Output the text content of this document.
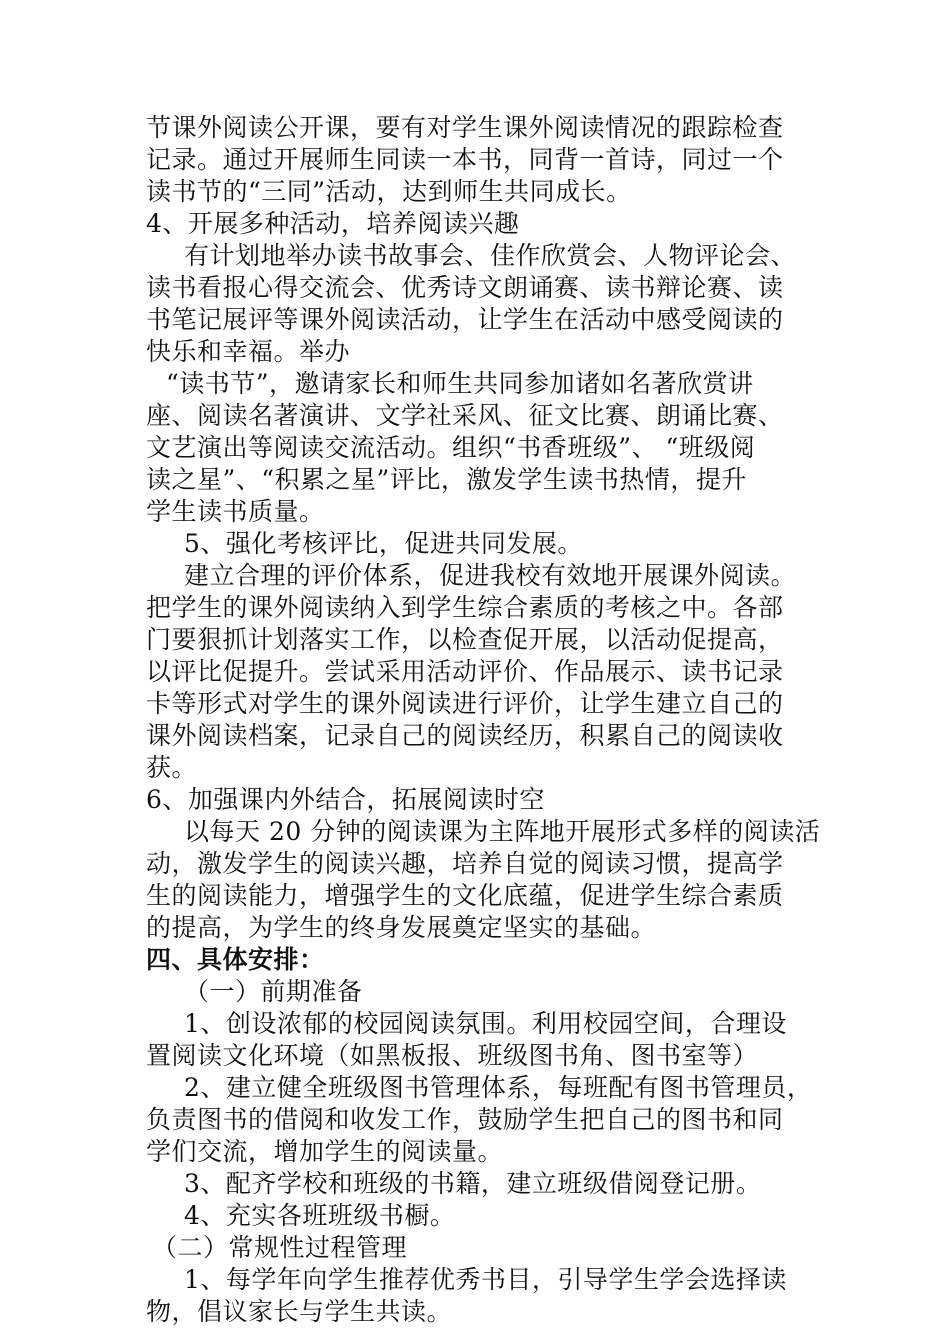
节课外阅读公开课，要有对学生课外阅读情况的跟踪检查

记录。通过开展师生同读一本书，同背一首诗，同过一个

读书节的“三同”活动，达到师生共同成长。

4、开展多种活动，培养阅读兴趣

有计划地举办读书故事会、佳作欣赏会、人物评论会、

读书看报心得交流会、优秀诗文朗诵赛、读书辩论赛、读

书笔记展评等课外阅读活动，让学生在活动中感受阅读的

快乐和幸福。举办

“读书节”，邀请家长和师生共同参加诸如名著欣赏讲

座、阅读名著演讲、文学社采风、征文比赛、朗诵比赛、

文艺演出等阅读交流活动。组织“书香班级”、 “班级阅

读之星”、“积累之星”评比，激发学生读书热情，提升

学生读书质量。

5、强化考核评比，促进共同发展。

建立合理的评价体系，促进我校有效地开展课外阅读。

把学生的课外阅读纳入到学生综合素质的考核之中。各部

门要狠抓计划落实工作，以检查促开展，以活动促提高，

以评比促提升。尝试采用活动评价、作品展示、读书记录

卡等形式对学生的课外阅读进行评价，让学生建立自己的

课外阅读档案，记录自己的阅读经历，积累自己的阅读收

获。

6、加强课内外结合，拓展阅读时空

以每天 20 分钟的阅读课为主阵地开展形式多样的阅读活

动，激发学生的阅读兴趣，培养自觉的阅读习惯，提高学

生的阅读能力，增强学生的文化底蕴，促进学生综合素质

的提高，为学生的终身发展奠定坚实的基础。

四、具体安排：

（一）前期准备

1、创设浓郁的校园阅读氛围。利用校园空间，合理设

置阅读文化环境（如黑板报、班级图书角、图书室等）

2、建立健全班级图书管理体系，每班配有图书管理员，

负责图书的借阅和收发工作，鼓励学生把自己的图书和同

学们交流，增加学生的阅读量。

3、配齐学校和班级的书籍，建立班级借阅登记册。

4、充实各班班级书橱。

（二）常规性过程管理

1、每学年向学生推荐优秀书目，引导学生学会选择读

物，倡议家长与学生共读。
